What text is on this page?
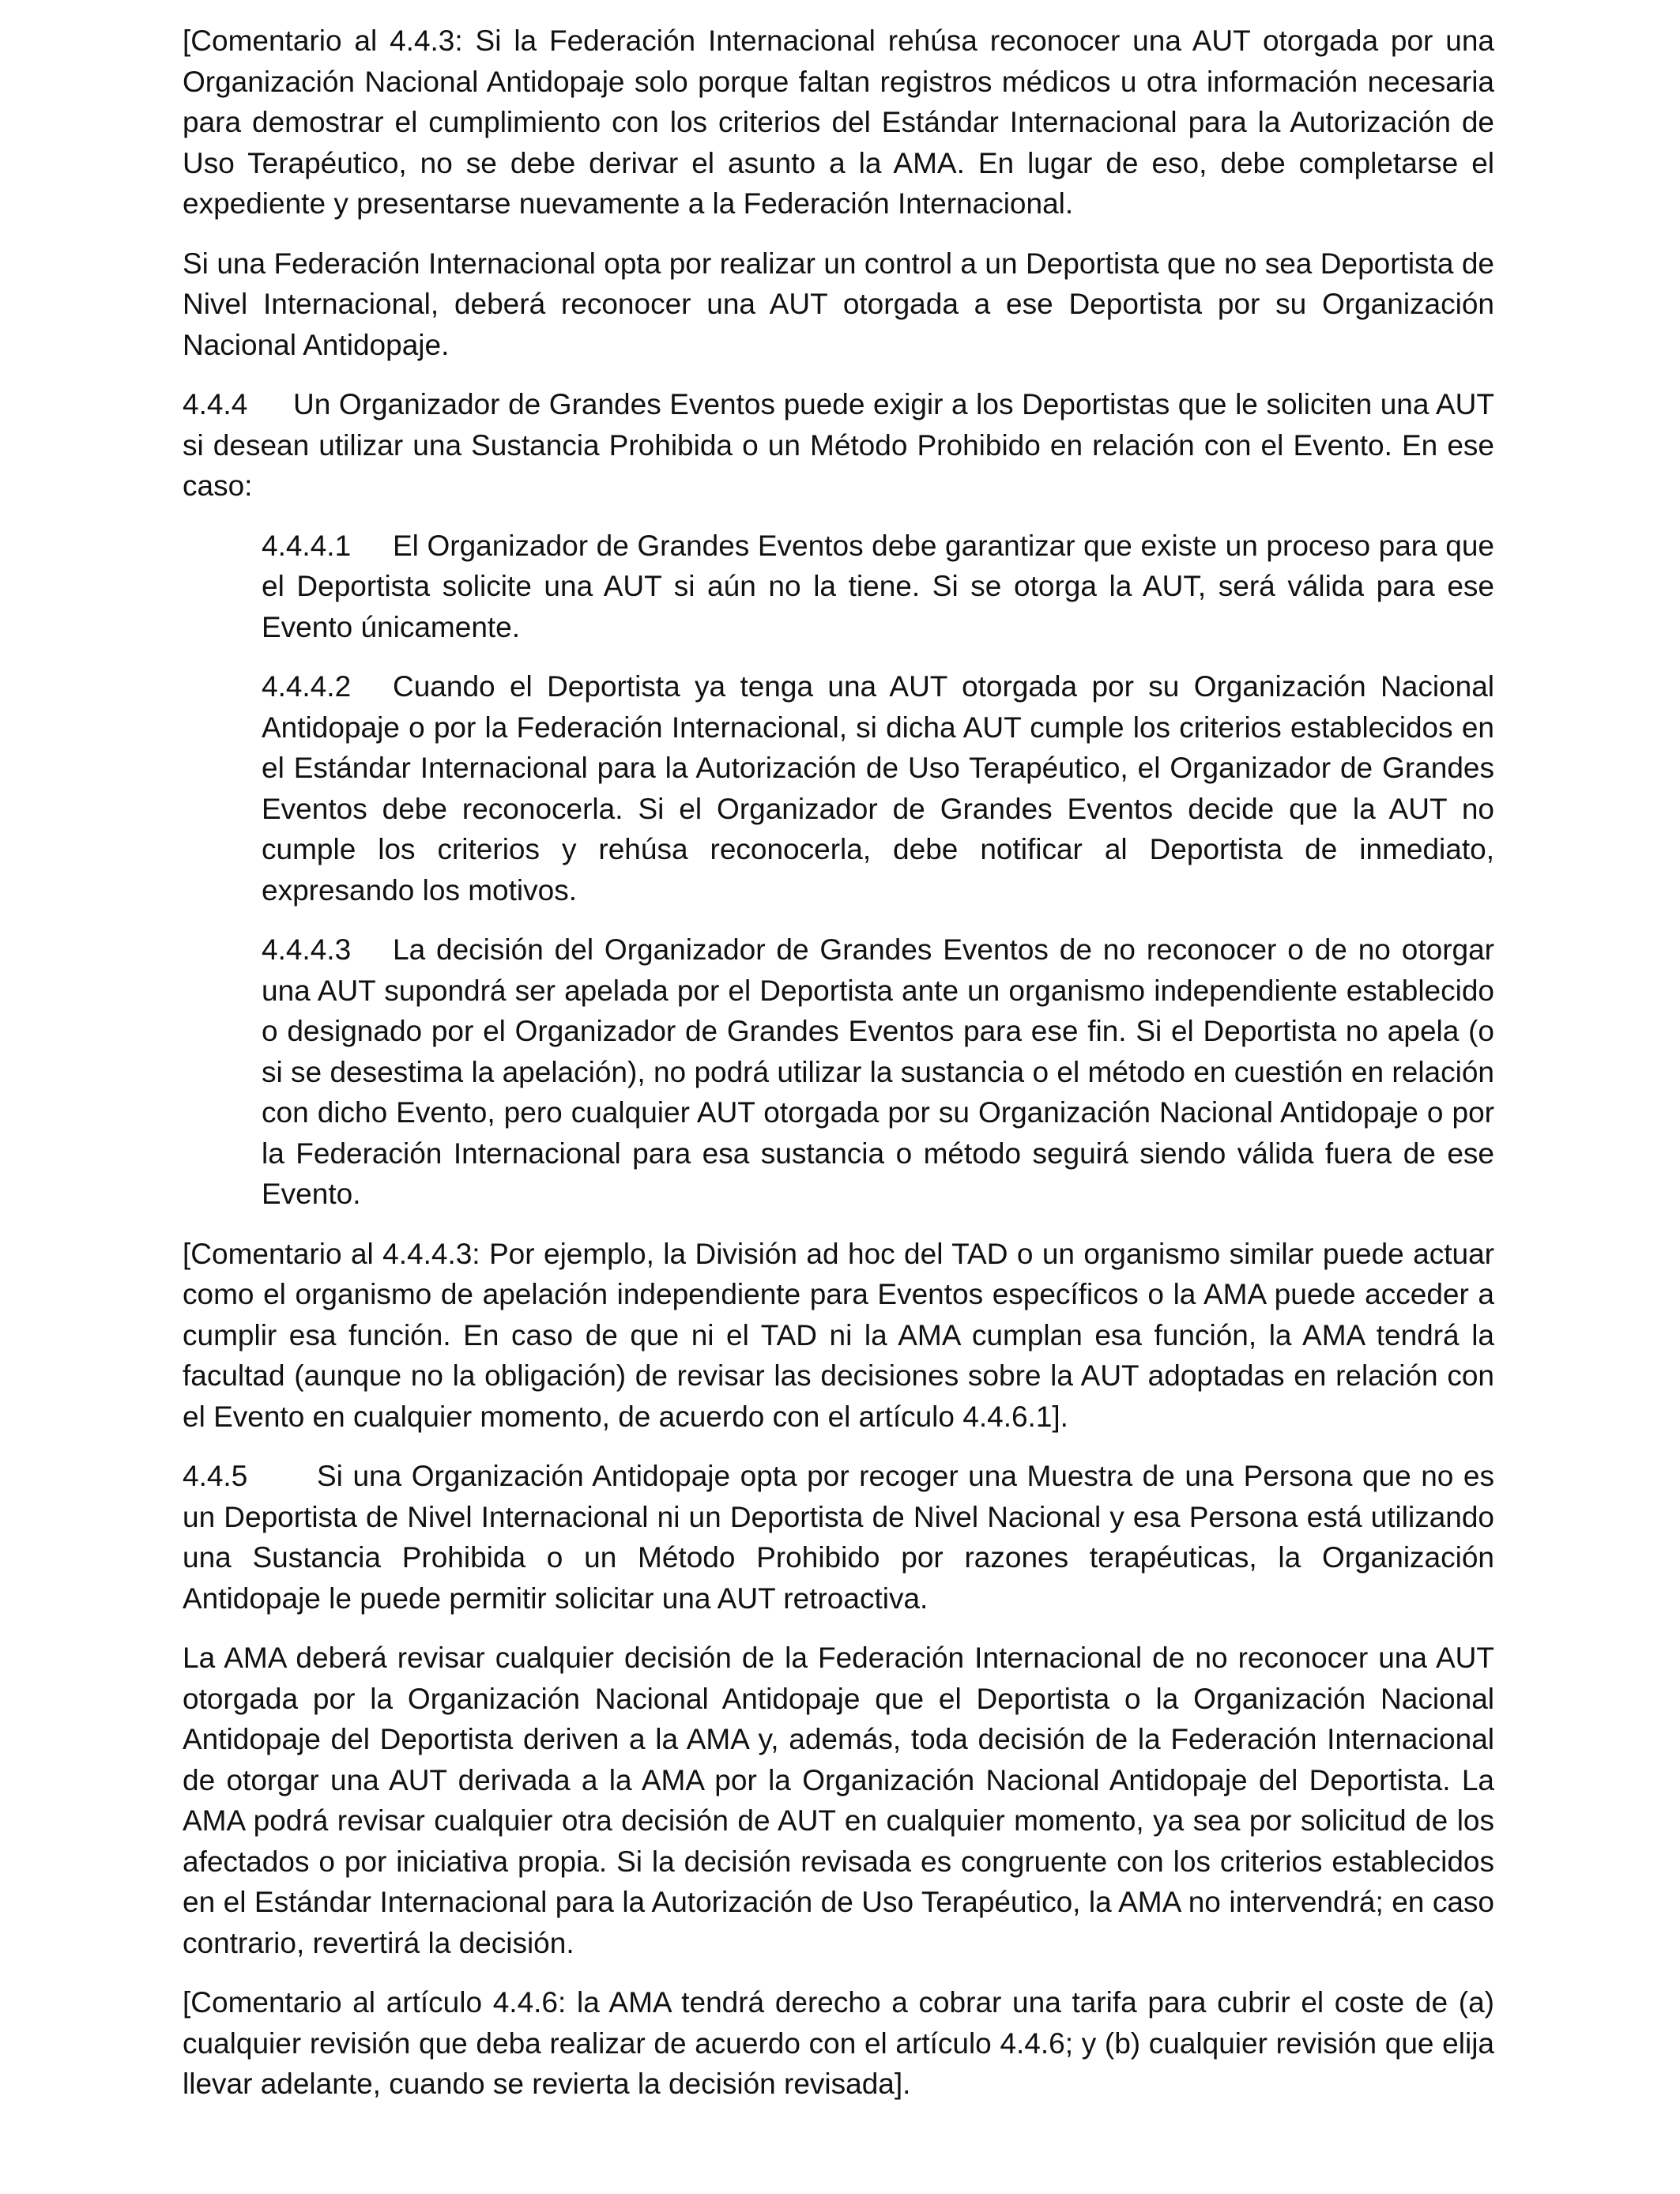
[Comentario al 4.4.3: Si la Federación Internacional rehúsa reconocer una AUT otorgada por una Organización Nacional Antidopaje solo porque faltan registros médicos u otra información necesaria para demostrar el cumplimiento con los criterios del Estándar Internacional para la Autorización de Uso Terapéutico, no se debe derivar el asunto a la AMA. En lugar de eso, debe completarse el expediente y presentarse nuevamente a la Federación Internacional.

Si una Federación Internacional opta por realizar un control a un Deportista que no sea Deportista de Nivel Internacional, deberá reconocer una AUT otorgada a ese Deportista por su Organización Nacional Antidopaje.

4.4.4 Un Organizador de Grandes Eventos puede exigir a los Deportistas que le soliciten una AUT si desean utilizar una Sustancia Prohibida o un Método Prohibido en relación con el Evento. En ese caso:

4.4.4.1 El Organizador de Grandes Eventos debe garantizar que existe un proceso para que el Deportista solicite una AUT si aún no la tiene. Si se otorga la AUT, será válida para ese Evento únicamente.

4.4.4.2 Cuando el Deportista ya tenga una AUT otorgada por su Organización Nacional Antidopaje o por la Federación Internacional, si dicha AUT cumple los criterios establecidos en el Estándar Internacional para la Autorización de Uso Terapéutico, el Organizador de Grandes Eventos debe reconocerla. Si el Organizador de Grandes Eventos decide que la AUT no cumple los criterios y rehúsa reconocerla, debe notificar al Deportista de inmediato, expresando los motivos.

4.4.4.3 La decisión del Organizador de Grandes Eventos de no reconocer o de no otorgar una AUT supondrá ser apelada por el Deportista ante un organismo independiente establecido o designado por el Organizador de Grandes Eventos para ese fin. Si el Deportista no apela (o si se desestima la apelación), no podrá utilizar la sustancia o el método en cuestión en relación con dicho Evento, pero cualquier AUT otorgada por su Organización Nacional Antidopaje o por la Federación Internacional para esa sustancia o método seguirá siendo válida fuera de ese Evento.

[Comentario al 4.4.4.3: Por ejemplo, la División ad hoc del TAD o un organismo similar puede actuar como el organismo de apelación independiente para Eventos específicos o la AMA puede acceder a cumplir esa función. En caso de que ni el TAD ni la AMA cumplan esa función, la AMA tendrá la facultad (aunque no la obligación) de revisar las decisiones sobre la AUT adoptadas en relación con el Evento en cualquier momento, de acuerdo con el artículo 4.4.6.1].

4.4.5 Si una Organización Antidopaje opta por recoger una Muestra de una Persona que no es un Deportista de Nivel Internacional ni un Deportista de Nivel Nacional y esa Persona está utilizando una Sustancia Prohibida o un Método Prohibido por razones terapéuticas, la Organización Antidopaje le puede permitir solicitar una AUT retroactiva.

La AMA deberá revisar cualquier decisión de la Federación Internacional de no reconocer una AUT otorgada por la Organización Nacional Antidopaje que el Deportista o la Organización Nacional Antidopaje del Deportista deriven a la AMA y, además, toda decisión de la Federación Internacional de otorgar una AUT derivada a la AMA por la Organización Nacional Antidopaje del Deportista. La AMA podrá revisar cualquier otra decisión de AUT en cualquier momento, ya sea por solicitud de los afectados o por iniciativa propia. Si la decisión revisada es congruente con los criterios establecidos en el Estándar Internacional para la Autorización de Uso Terapéutico, la AMA no intervendrá; en caso contrario, revertirá la decisión.

[Comentario al artículo 4.4.6: la AMA tendrá derecho a cobrar una tarifa para cubrir el coste de (a) cualquier revisión que deba realizar de acuerdo con el artículo 4.4.6; y (b) cualquier revisión que elija llevar adelante, cuando se revierta la decisión revisada].
